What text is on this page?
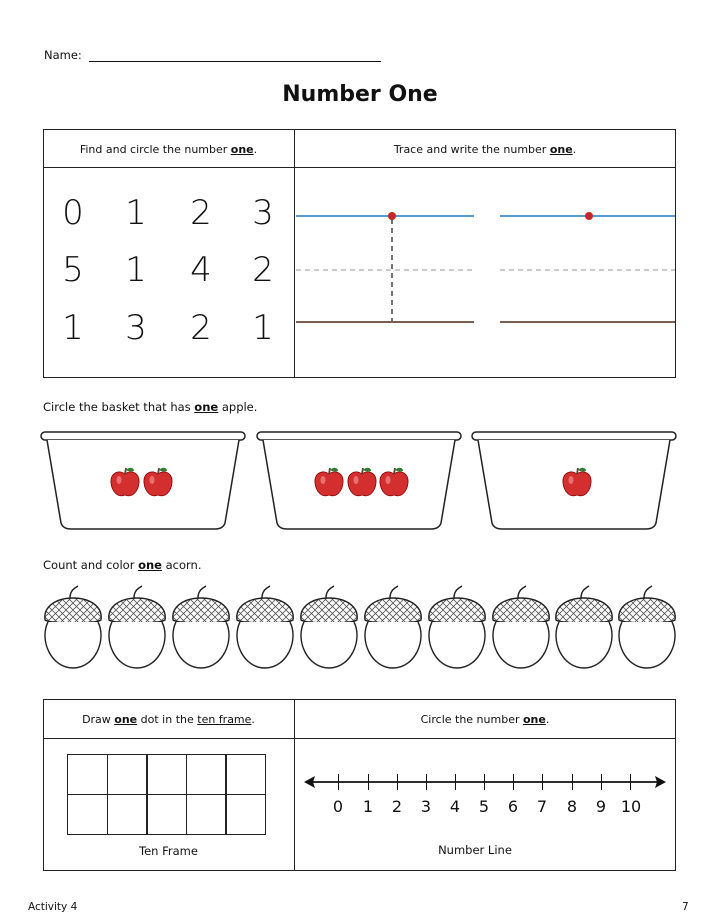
Name:
Number One
Find and circle the number one.	Trace and write the number one.
0 1 2 3
5 1 4 2
1 3 2 1
Circle the basket that has one apple.
Count and color one acorn.
Draw one dot in the ten frame.	Circle the number one.
Ten Frame
0	1	2	3	4	5	6	7	8	9 10
Number Line
Activity 4	7
